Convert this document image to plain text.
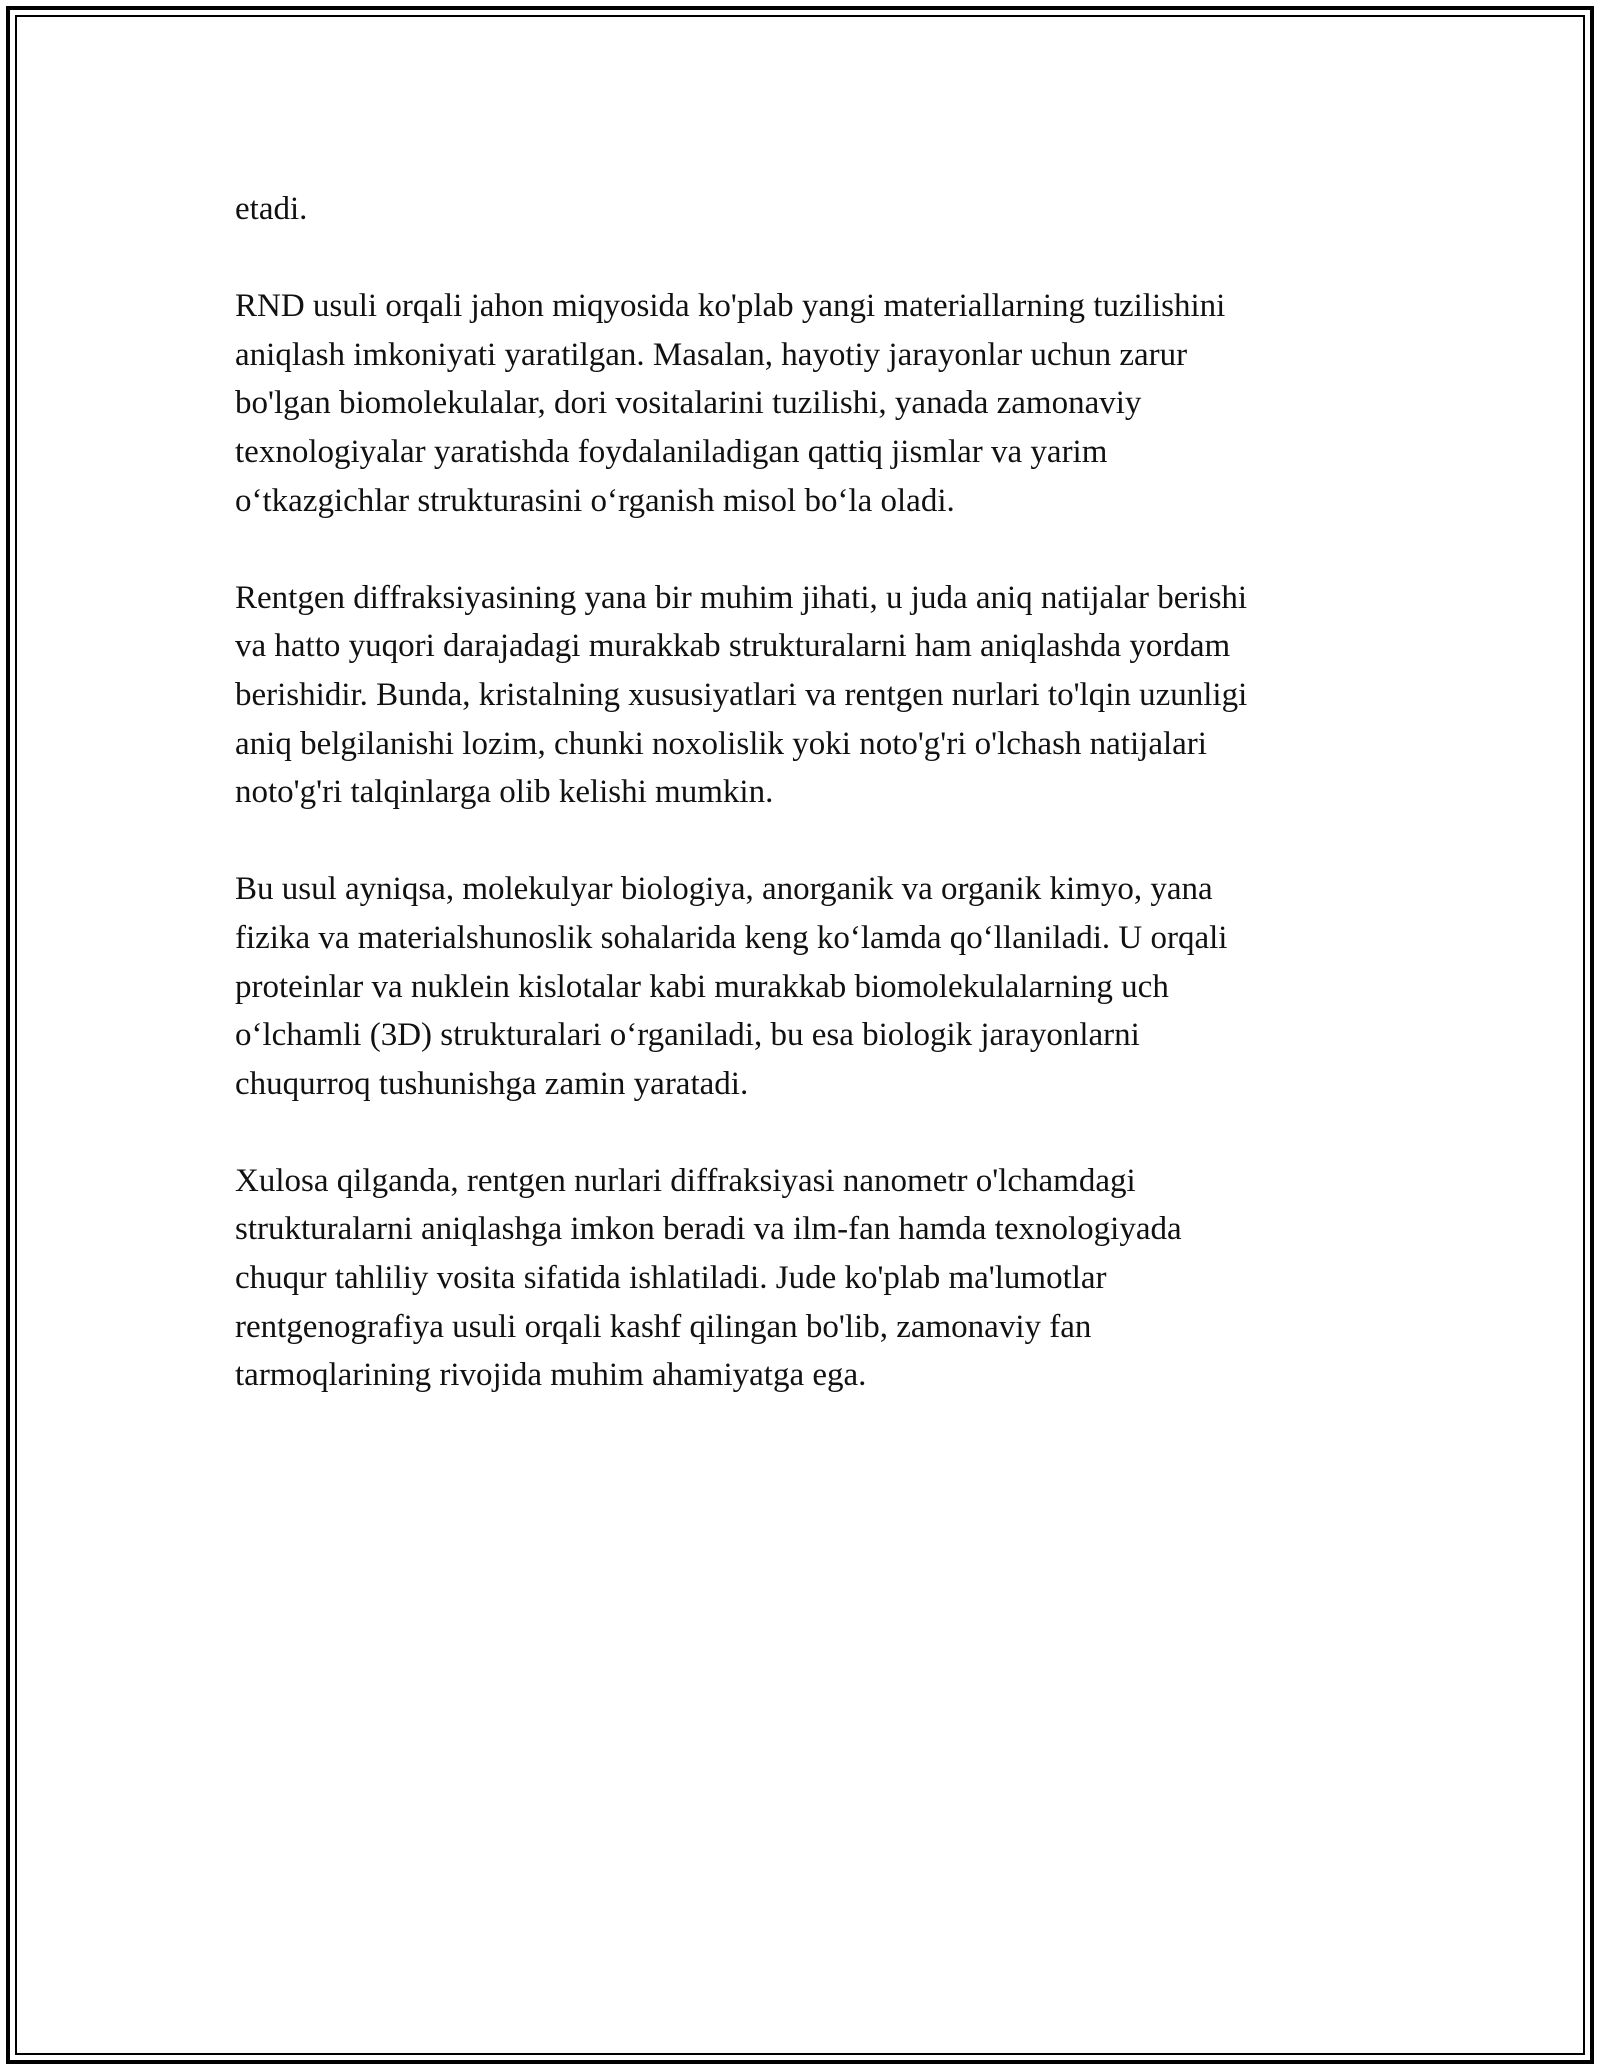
etadi.

RND usuli orqali jahon miqyosida ko'plab yangi materiallarning tuzilishini
aniqlash imkoniyati yaratilgan. Masalan, hayotiy jarayonlar uchun zarur
bo'lgan biomolekulalar, dori vositalarini tuzilishi, yanada zamonaviy
texnologiyalar yaratishda foydalaniladigan qattiq jismlar va yarim
o‘tkazgichlar strukturasini o‘rganish misol bo‘la oladi.

Rentgen diffraksiyasining yana bir muhim jihati, u juda aniq natijalar berishi
va hatto yuqori darajadagi murakkab strukturalarni ham aniqlashda yordam
berishidir. Bunda, kristalning xususiyatlari va rentgen nurlari to'lqin uzunligi
aniq belgilanishi lozim, chunki noxolislik yoki noto'g'ri o'lchash natijalari
noto'g'ri talqinlarga olib kelishi mumkin.

Bu usul ayniqsa, molekulyar biologiya, anorganik va organik kimyo, yana
fizika va materialshunoslik sohalarida keng ko‘lamda qo‘llaniladi. U orqali
proteinlar va nuklein kislotalar kabi murakkab biomolekulalarning uch
o‘lchamli (3D) strukturalari o‘rganiladi, bu esa biologik jarayonlarni
chuqurroq tushunishga zamin yaratadi.

Xulosa qilganda, rentgen nurlari diffraksiyasi nanometr o'lchamdagi
strukturalarni aniqlashga imkon beradi va ilm-fan hamda texnologiyada
chuqur tahliliy vosita sifatida ishlatiladi. Jude ko'plab ma'lumotlar
rentgenografiya usuli orqali kashf qilingan bo'lib, zamonaviy fan
tarmoqlarining rivojida muhim ahamiyatga ega.
